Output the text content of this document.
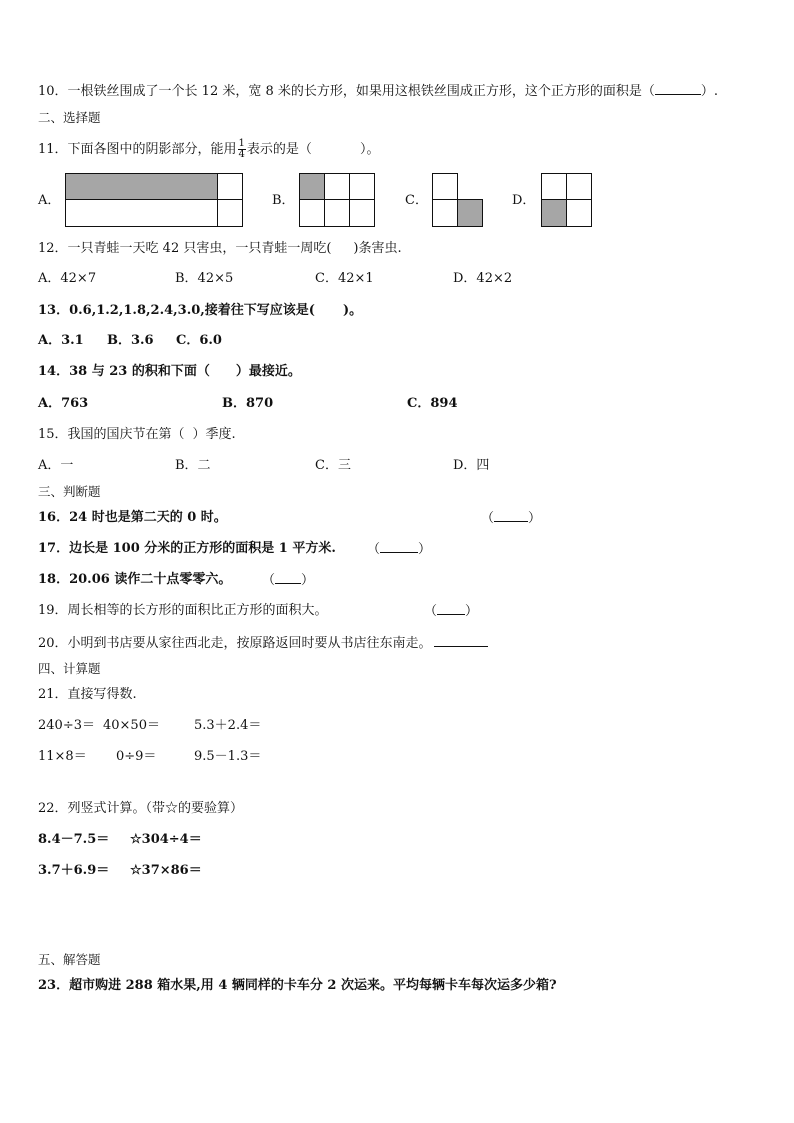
10．一根铁丝围成了一个长 12 米，宽 8 米的长方形，如果用这根铁丝围成正方形，这个正方形的面积是（	）.
二、选择题
11．下面各图中的阴影部分，能用 $\frac{1}{4}$ 表示的是（	）。
A．	B．	C．	D．
12．一只青蛙一天吃 42 只害虫，一只青蛙一周吃( )条害虫.
A．42×7	B．42×5	C．42×1	D．42×2
13．0.6,1.2,1.8,2.4,3.0,接着往下写应该是( )。
A．3.1 B．3.6 C．6.0
14．38 与 23 的积和下面（ ）最接近。
A．763	B．870	C．894
15．我国的国庆节在第（ ）季度.
A．一	B．二	C．三	D．四
三、判断题
16．24 时也是第二天的 0 时。	（	）
17．边长是 100 分米的正方形的面积是 1 平方米. （	）
18．20.06 读作二十点零零六。 （ ）
19．周长相等的长方形的面积比正方形的面积大。	（ ）
20．小明到书店要从家往西北走，按原路返回时要从书店往东南走。
四、计算题
21．直接写得数.
240÷3＝ 40×50＝	5.3＋2.4＝
11×8＝ 0÷9＝	9.5－1.3＝
22．列竖式计算。（带☆的要验算）
8.4－7.5＝ ☆304÷4＝
3.7＋6.9＝ ☆37×86＝
五、解答题
23．超市购进 288 箱水果,用 4 辆同样的卡车分 2 次运来。平均每辆卡车每次运多少箱?
